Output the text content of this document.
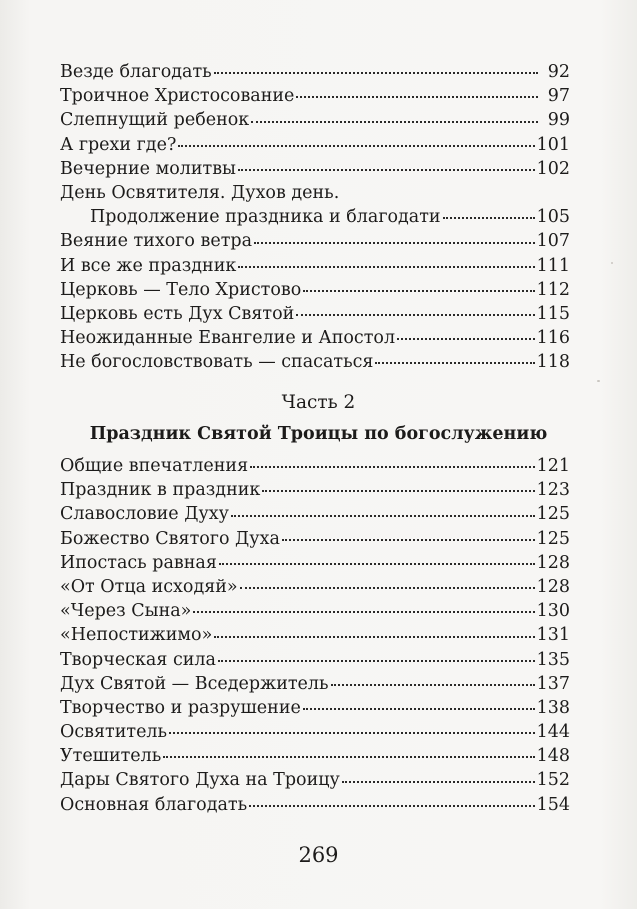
Везде благодать	92
Троичное Христосование	97
Слепнущий ребенок	99
А грехи где?	101
Вечерние молитвы	102
День Освятителя. Духов день.
Продолжение праздника и благодати	105
Веяние тихого ветра	107
И все же праздник	111
Церковь — Тело Христово	112
Церковь есть Дух Святой	115
Неожиданные Евангелие и Апостол	116
Не богословствовать — спасаться	118
Часть 2
Праздник Святой Троицы по богослужению
Общие впечатления	121
Праздник в праздник	123
Славословие Духу	125
Божество Святого Духа	125
Ипостась равная	128
«От Отца исходяй»	128
«Через Сына»	130
«Непостижимо»	131
Творческая сила	135
Дух Святой — Вседержитель	137
Творчество и разрушение	138
Освятитель	144
Утешитель	148
Дары Святого Духа на Троицу	152
Основная благодать	154
269
